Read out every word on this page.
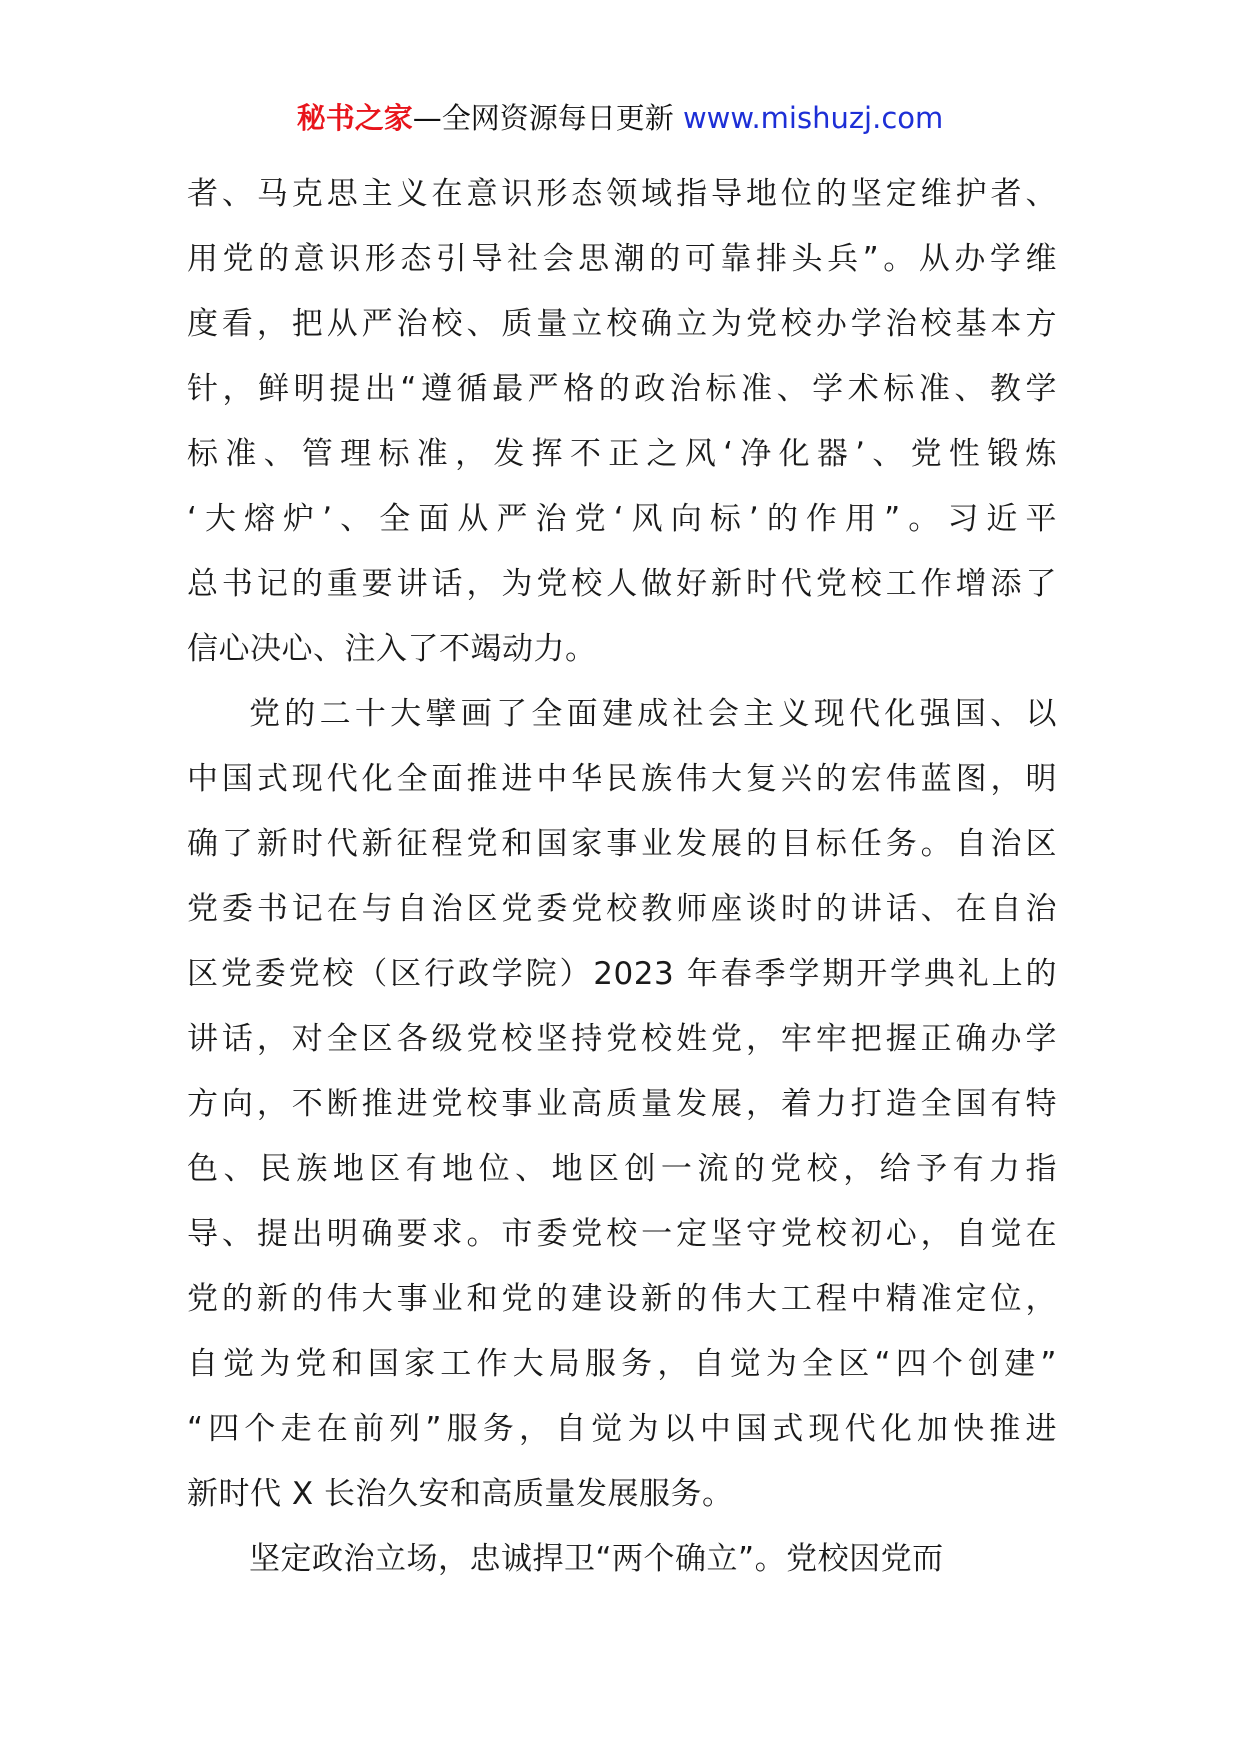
秘书之家—全网资源每日更新 www.mishuzj.com
者、马克思主义在意识形态领域指导地位的坚定维护者、
用党的意识形态引导社会思潮的可靠排头兵”。从办学维
度看，把从严治校、质量立校确立为党校办学治校基本方
针，鲜明提出“遵循最严格的政治标准、学术标准、教学
标准、管理标准，发挥不正之风‘净化器’、党性锻炼
‘大熔炉’、全面从严治党‘风向标’的作用”。习近平
总书记的重要讲话，为党校人做好新时代党校工作增添了
信心决心、注入了不竭动力。
党的二十大擘画了全面建成社会主义现代化强国、以
中国式现代化全面推进中华民族伟大复兴的宏伟蓝图，明
确了新时代新征程党和国家事业发展的目标任务。自治区
党委书记在与自治区党委党校教师座谈时的讲话、在自治
区党委党校（区行政学院）2023 年春季学期开学典礼上的
讲话，对全区各级党校坚持党校姓党，牢牢把握正确办学
方向，不断推进党校事业高质量发展，着力打造全国有特
色、民族地区有地位、地区创一流的党校，给予有力指
导、提出明确要求。市委党校一定坚守党校初心，自觉在
党的新的伟大事业和党的建设新的伟大工程中精准定位，
自觉为党和国家工作大局服务，自觉为全区“四个创建”
“四个走在前列”服务，自觉为以中国式现代化加快推进
新时代 X 长治久安和高质量发展服务。
坚定政治立场，忠诚捍卫“两个确立”。党校因党而
